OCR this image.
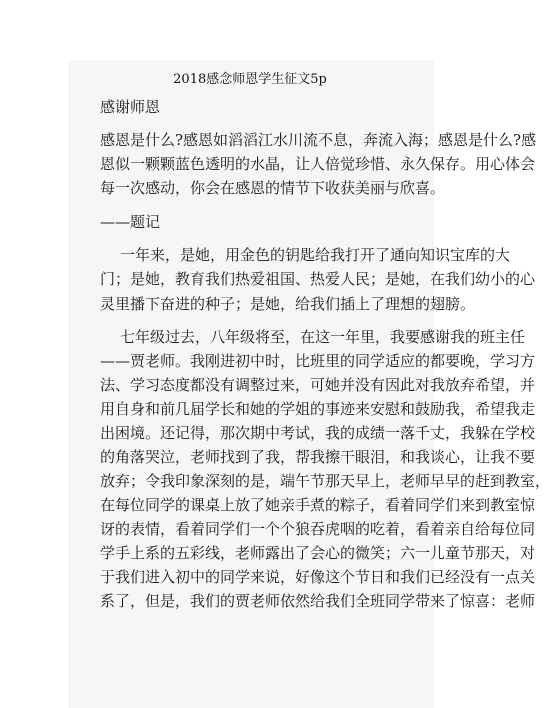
2018感念师恩学生征文5p

感谢师恩

感恩是什么?感恩如滔滔江水川流不息，奔流入海；感恩是什么?感

恩似一颗颗蓝色透明的水晶，让人倍觉珍惜、永久保存。用心体会

每一次感动，你会在感恩的情节下收获美丽与欣喜。

——题记

一年来，是她，用金色的钥匙给我打开了通向知识宝库的大

门；是她，教育我们热爱祖国、热爱人民；是她，在我们幼小的心

灵里播下奋进的种子；是她，给我们插上了理想的翅膀。

七年级过去，八年级将至，在这一年里，我要感谢我的班主任

——贾老师。我刚进初中时，比班里的同学适应的都要晚，学习方

法、学习态度都没有调整过来，可她并没有因此对我放弃希望，并

用自身和前几届学长和她的学姐的事迹来安慰和鼓励我，希望我走

出困境。还记得，那次期中考试，我的成绩一落千丈，我躲在学校

的角落哭泣，老师找到了我，帮我擦干眼泪，和我谈心，让我不要

放弃；令我印象深刻的是，端午节那天早上，老师早早的赶到教室，

在每位同学的课桌上放了她亲手煮的粽子，看着同学们来到教室惊

讶的表情，看着同学们一个个狼吞虎咽的吃着，看着亲自给每位同

学手上系的五彩线，老师露出了会心的微笑；六一儿童节那天，对

于我们进入初中的同学来说，好像这个节日和我们已经没有一点关

系了，但是，我们的贾老师依然给我们全班同学带来了惊喜：老师
